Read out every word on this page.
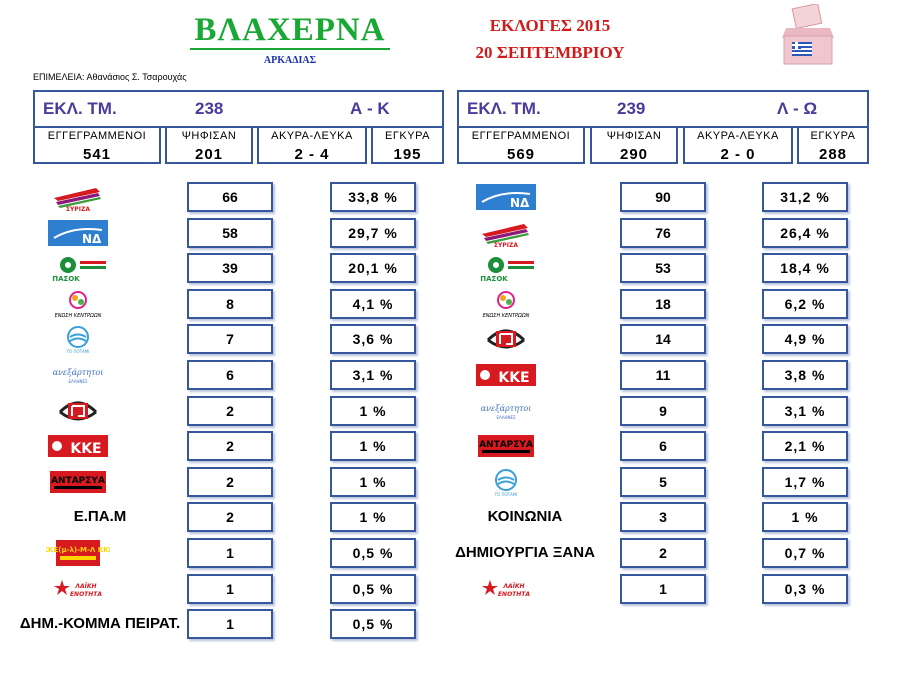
ΒΛΑΧΕΡΝΑ
ΑΡΚΑΔΙΑΣ
ΕΚΛΟΓΕΣ 2015
20 ΣΕΠΤΕΜΒΡΙΟΥ
ΕΠΙΜΕΛΕΙΑ: Αθανάσιος Σ. Τσαρουχάς
ΕΚΛ. ΤΜ.	238	Α - Κ
ΕΓΓΕΓΡΑΜΜΕΝΟΙ
541
ΨΗΦΙΣΑΝ
201
ΑΚΥΡΑ-ΛΕΥΚΑ
2 - 4
ΕΓΚΥΡΑ
195
ΕΚΛ. ΤΜ.	239	Λ - Ω
ΕΓΓΕΓΡΑΜΜΕΝΟΙ
569
ΨΗΦΙΣΑΝ
290
ΑΚΥΡΑ-ΛΕΥΚΑ
2 - 0
ΕΓΚΥΡΑ
288
ΣΥΡΙΖΑ
66	33,8 %
ΝΔ	58	29,7 %
ΠΑΣΟΚ
39	20,1 %
ΕΝΩΣΗ ΚΕΝΤΡΩΩΝ
8	4,1 %
ΤΟ ΠΟΤΑΜΙ
7	3,6 %
ανεξάρτητοι
ΕΛΛΗΝΕΣ	6	3,1 %
2	1 %
ΚΚΕ	2	1 %
ΑΝΤΑΡΣΥΑ	2	1 %
Ε.ΠΑ.Μ	2	1 %
ΚΚΕ(μ-λ)-Μ-Λ ΚΚΕ	1	0,5 %
ΛΑΪΚΗ
ΕΝΟΤΗΤΑ	1	0,5 %
ΔΗΜ.-ΚΟΜΜΑ ΠΕΙΡΑΤ.	1	0,5 %
ΝΔ	90	31,2 %
ΣΥΡΙΖΑ
76	26,4 %
ΠΑΣΟΚ
53	18,4 %
ΕΝΩΣΗ ΚΕΝΤΡΩΩΝ
18	6,2 %
14	4,9 %
ΚΚΕ	11	3,8 %
ανεξάρτητοι
ΕΛΛΗΝΕΣ	9	3,1 %
ΑΝΤΑΡΣΥΑ	6	2,1 %
ΤΟ ΠΟΤΑΜΙ
5	1,7 %
ΚΟΙΝΩΝΙΑ	3	1 %
ΔΗΜΙΟΥΡΓΙΑ ΞΑΝΑ	2	0,7 %
ΛΑΪΚΗ
ΕΝΟΤΗΤΑ	1	0,3 %
